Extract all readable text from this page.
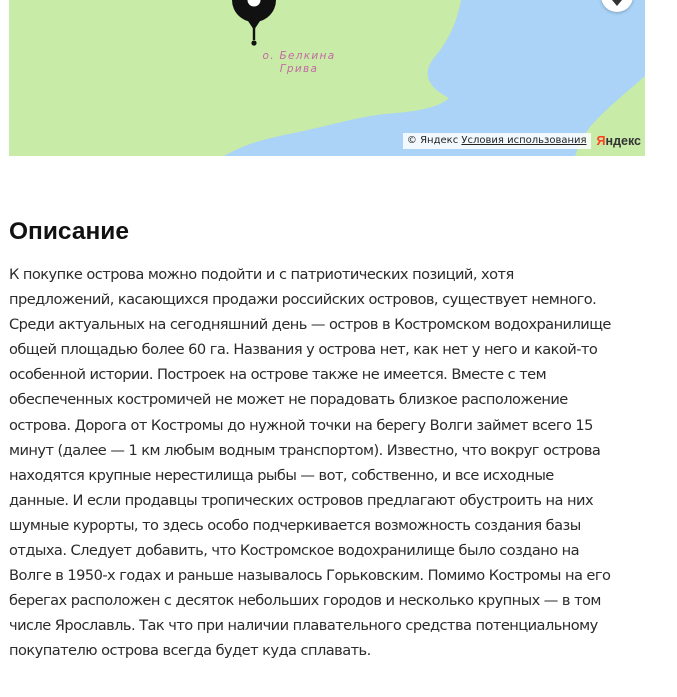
о. Белкина
Грива
© Яндекс Условия использования Яндекс
Описание
К покупке острова можно подойти и с патриотических позиций, хотя
предложений, касающихся продажи российских островов, существует немного.
Среди актуальных на сегодняшний день — остров в Костромском водохранилище
общей площадью более 60 га. Названия у острова нет, как нет у него и какой-то
особенной истории. Построек на острове также не имеется. Вместе с тем
обеспеченных костромичей не может не порадовать близкое расположение
острова. Дорога от Костромы до нужной точки на берегу Волги займет всего 15
минут (далее — 1 км любым водным транспортом). Известно, что вокруг острова
находятся крупные нерестилища рыбы — вот, собственно, и все исходные
данные. И если продавцы тропических островов предлагают обустроить на них
шумные курорты, то здесь особо подчеркивается возможность создания базы
отдыха. Следует добавить, что Костромское водохранилище было создано на
Волге в 1950-х годах и раньше называлось Горьковским. Помимо Костромы на его
берегах расположен с десяток небольших городов и несколько крупных — в том
числе Ярославль. Так что при наличии плавательного средства потенциальному
покупателю острова всегда будет куда сплавать.
